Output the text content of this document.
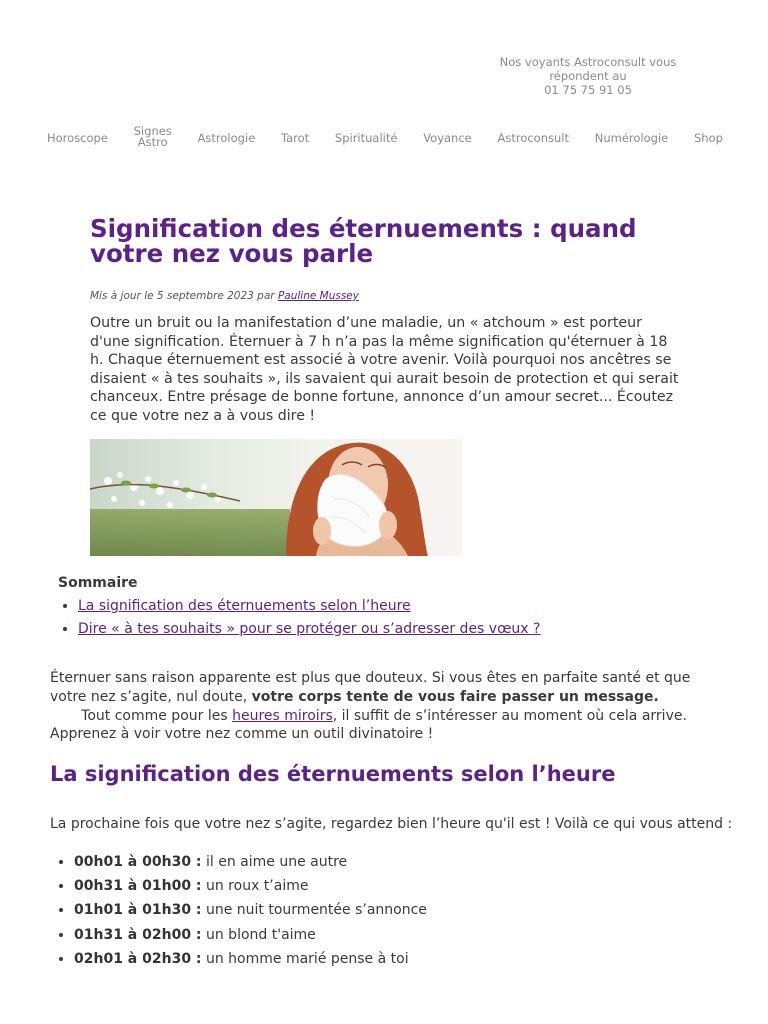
Nos voyants Astroconsult vous répondent au
01 75 75 91 05
Horoscope	Signes
Astro	Astrologie	Tarot	Spiritualité	Voyance	Astroconsult	Numérologie	Shop
Signification des éternuements : quand votre nez vous parle

Mis à jour le 5 septembre 2023 par Pauline Mussey

Outre un bruit ou la manifestation d’une maladie, un « atchoum » est porteur d'une signification. Éternuer à 7 h n’a pas la même signification qu'éternuer à 18 h. Chaque éternuement est associé à votre avenir. Voilà pourquoi nos ancêtres se disaient « à tes souhaits », ils savaient qui aurait besoin de protection et qui serait chanceux. Entre présage de bonne fortune, annonce d’un amour secret... Écoutez ce que votre nez a à vous dire !

Sommaire

• La signification des éternuements selon l’heure
• Dire « à tes souhaits » pour se protéger ou s’adresser des vœux ?

Éternuer sans raison apparente est plus que douteux. Si vous êtes en parfaite santé et que votre nez s’agite, nul doute, votre corps tente de vous faire passer un message.       Tout comme pour les heures miroirs, il suffit de s’intéresser au moment où cela arrive. Apprenez à voir votre nez comme un outil divinatoire !

La signification des éternuements selon l’heure

La prochaine fois que votre nez s’agite, regardez bien l’heure qu'il est ! Voilà ce qui vous attend :

• 00h01 à 00h30 : il en aime une autre
• 00h31 à 01h00 : un roux t’aime
• 01h01 à 01h30 : une nuit tourmentée s’annonce
• 01h31 à 02h00 : un blond t'aime
• 02h01 à 02h30 : un homme marié pense à toi
